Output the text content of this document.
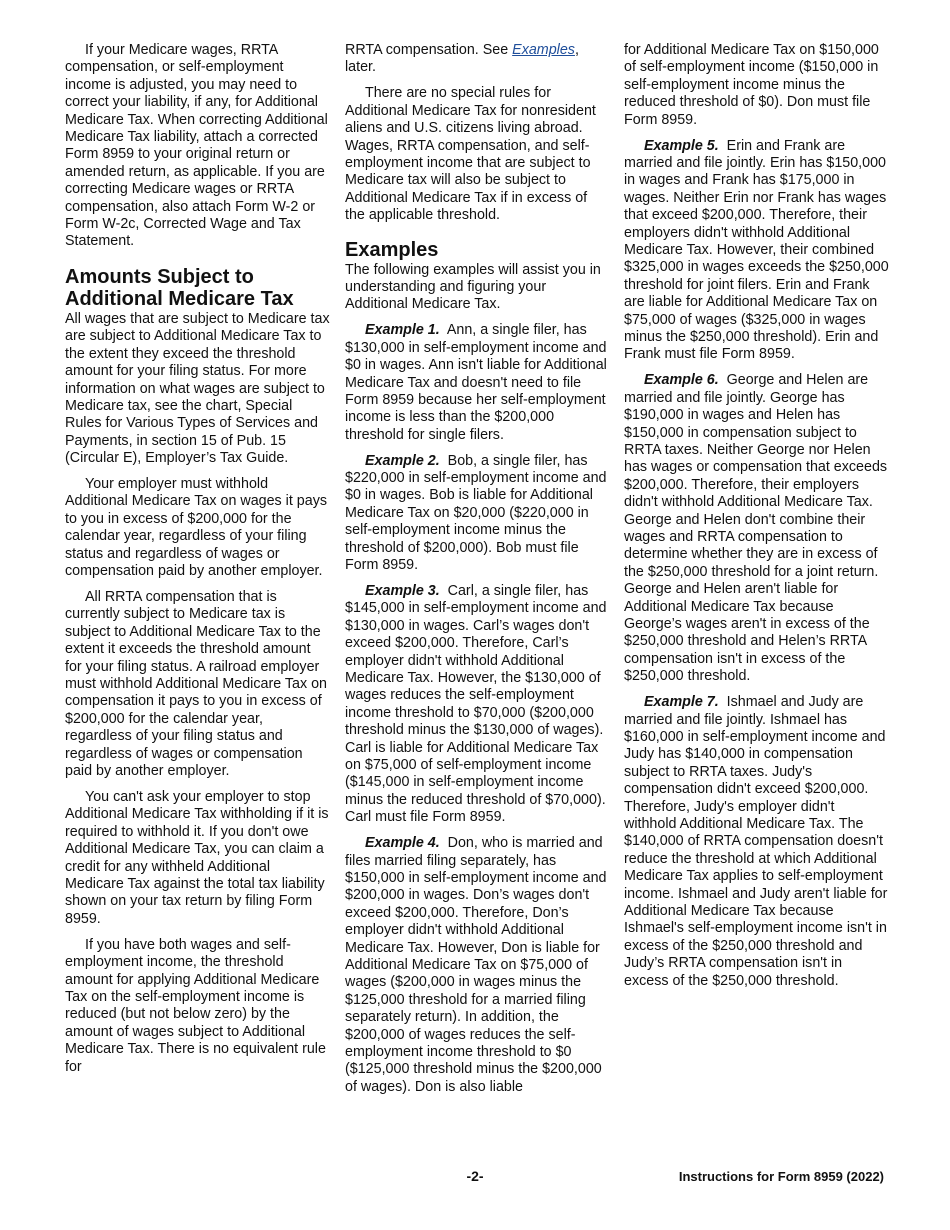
If your Medicare wages, RRTA compensation, or self-employment income is adjusted, you may need to correct your liability, if any, for Additional Medicare Tax. When correcting Additional Medicare Tax liability, attach a corrected Form 8959 to your original return or amended return, as applicable. If you are correcting Medicare wages or RRTA compensation, also attach Form W-2 or Form W-2c, Corrected Wage and Tax Statement.

Amounts Subject to Additional Medicare Tax

All wages that are subject to Medicare tax are subject to Additional Medicare Tax to the extent they exceed the threshold amount for your filing status. For more information on what wages are subject to Medicare tax, see the chart, Special Rules for Various Types of Services and Payments, in section 15 of Pub. 15 (Circular E), Employer’s Tax Guide.

Your employer must withhold Additional Medicare Tax on wages it pays to you in excess of $200,000 for the calendar year, regardless of your filing status and regardless of wages or compensation paid by another employer.

All RRTA compensation that is currently subject to Medicare tax is subject to Additional Medicare Tax to the extent it exceeds the threshold amount for your filing status. A railroad employer must withhold Additional Medicare Tax on compensation it pays to you in excess of $200,000 for the calendar year, regardless of your filing status and regardless of wages or compensation paid by another employer.

You can't ask your employer to stop Additional Medicare Tax withholding if it is required to withhold it. If you don't owe Additional Medicare Tax, you can claim a credit for any withheld Additional Medicare Tax against the total tax liability shown on your tax return by filing Form 8959.

If you have both wages and self-employment income, the threshold amount for applying Additional Medicare Tax on the self-employment income is reduced (but not below zero) by the amount of wages subject to Additional Medicare Tax. There is no equivalent rule for

RRTA compensation. See Examples, later.

There are no special rules for Additional Medicare Tax for nonresident aliens and U.S. citizens living abroad. Wages, RRTA compensation, and self-employment income that are subject to Medicare tax will also be subject to Additional Medicare Tax if in excess of the applicable threshold.

Examples

The following examples will assist you in understanding and figuring your Additional Medicare Tax.

Example 1. Ann, a single filer, has $130,000 in self-employment income and $0 in wages. Ann isn't liable for Additional Medicare Tax and doesn't need to file Form 8959 because her self-employment income is less than the $200,000 threshold for single filers.

Example 2. Bob, a single filer, has $220,000 in self-employment income and $0 in wages. Bob is liable for Additional Medicare Tax on $20,000 ($220,000 in self-employment income minus the threshold of $200,000). Bob must file Form 8959.

Example 3. Carl, a single filer, has $145,000 in self-employment income and $130,000 in wages. Carl’s wages don't exceed $200,000. Therefore, Carl’s employer didn't withhold Additional Medicare Tax. However, the $130,000 of wages reduces the self-employment income threshold to $70,000 ($200,000 threshold minus the $130,000 of wages). Carl is liable for Additional Medicare Tax on $75,000 of self-employment income ($145,000 in self-employment income minus the reduced threshold of $70,000). Carl must file Form 8959.

Example 4. Don, who is married and files married filing separately, has $150,000 in self-employment income and $200,000 in wages. Don’s wages don't exceed $200,000. Therefore, Don’s employer didn't withhold Additional Medicare Tax. However, Don is liable for Additional Medicare Tax on $75,000 of wages ($200,000 in wages minus the $125,000 threshold for a married filing separately return). In addition, the $200,000 of wages reduces the self-employment income threshold to $0 ($125,000 threshold minus the $200,000 of wages). Don is also liable

for Additional Medicare Tax on $150,000 of self-employment income ($150,000 in self-employment income minus the reduced threshold of $0). Don must file Form 8959.

Example 5. Erin and Frank are married and file jointly. Erin has $150,000 in wages and Frank has $175,000 in wages. Neither Erin nor Frank has wages that exceed $200,000. Therefore, their employers didn't withhold Additional Medicare Tax. However, their combined $325,000 in wages exceeds the $250,000 threshold for joint filers. Erin and Frank are liable for Additional Medicare Tax on $75,000 of wages ($325,000 in wages minus the $250,000 threshold). Erin and Frank must file Form 8959.

Example 6. George and Helen are married and file jointly. George has $190,000 in wages and Helen has $150,000 in compensation subject to RRTA taxes. Neither George nor Helen has wages or compensation that exceeds $200,000. Therefore, their employers didn't withhold Additional Medicare Tax. George and Helen don't combine their wages and RRTA compensation to determine whether they are in excess of the $250,000 threshold for a joint return. George and Helen aren't liable for Additional Medicare Tax because George’s wages aren't in excess of the $250,000 threshold and Helen’s RRTA compensation isn't in excess of the $250,000 threshold.

Example 7. Ishmael and Judy are married and file jointly. Ishmael has $160,000 in self-employment income and Judy has $140,000 in compensation subject to RRTA taxes. Judy's compensation didn't exceed $200,000. Therefore, Judy's employer didn't withhold Additional Medicare Tax. The $140,000 of RRTA compensation doesn't reduce the threshold at which Additional Medicare Tax applies to self-employment income. Ishmael and Judy aren't liable for Additional Medicare Tax because Ishmael's self-employment income isn't in excess of the $250,000 threshold and Judy’s RRTA compensation isn't in excess of the $250,000 threshold.

-2-	Instructions for Form 8959 (2022)
